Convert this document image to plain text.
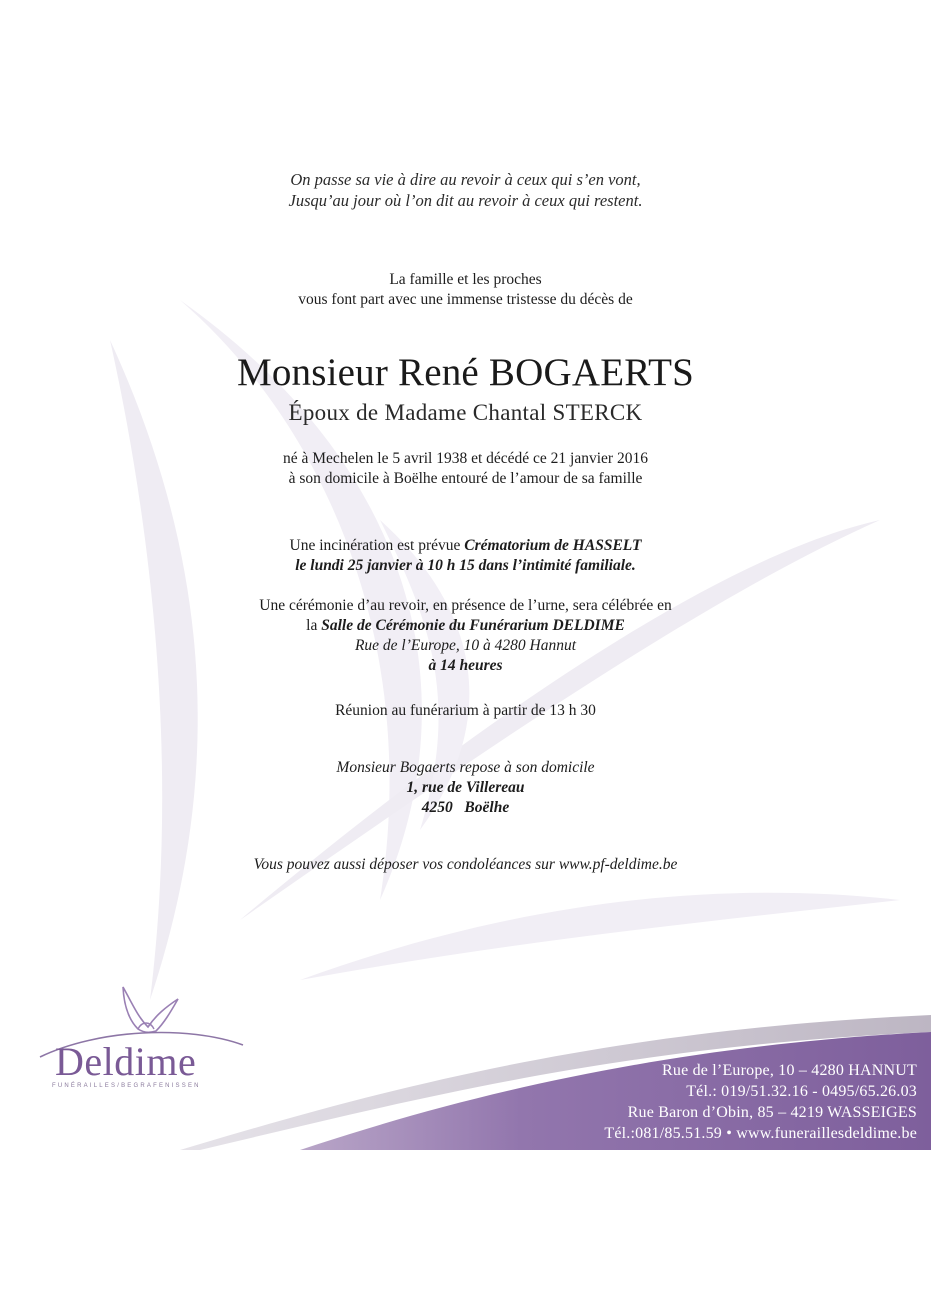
Deldime
FUNÉRAILLES/BEGRAFENISSEN
On passe sa vie à dire au revoir à ceux qui s’en vont,
Jusqu’au jour où l’on dit au revoir à ceux qui restent.
La famille et les proches
vous font part avec une immense tristesse du décès de
Monsieur René BOGAERTS
Époux de Madame Chantal STERCK
né à Mechelen le 5 avril 1938 et décédé ce 21 janvier 2016
à son domicile à Boëlhe entouré de l’amour de sa famille
Une incinération est prévue Crématorium de HASSELT
le lundi 25 janvier à 10 h 15 dans l’intimité familiale.
Une cérémonie d’au revoir, en présence de l’urne, sera célébrée en
la Salle de Cérémonie du Funérarium DELDIME
Rue de l’Europe, 10 à 4280 Hannut
à 14 heures
Réunion au funérarium à partir de 13 h 30
Monsieur Bogaerts repose à son domicile
1, rue de Villereau
4250   Boëlhe
Vous pouvez aussi déposer vos condoléances sur www.pf-deldime.be
Rue de l’Europe, 10 – 4280 HANNUT
Tél.: 019/51.32.16 - 0495/65.26.03
Rue Baron d’Obin, 85 – 4219 WASSEIGES
Tél.:081/85.51.59 • www.funeraillesdeldime.be
